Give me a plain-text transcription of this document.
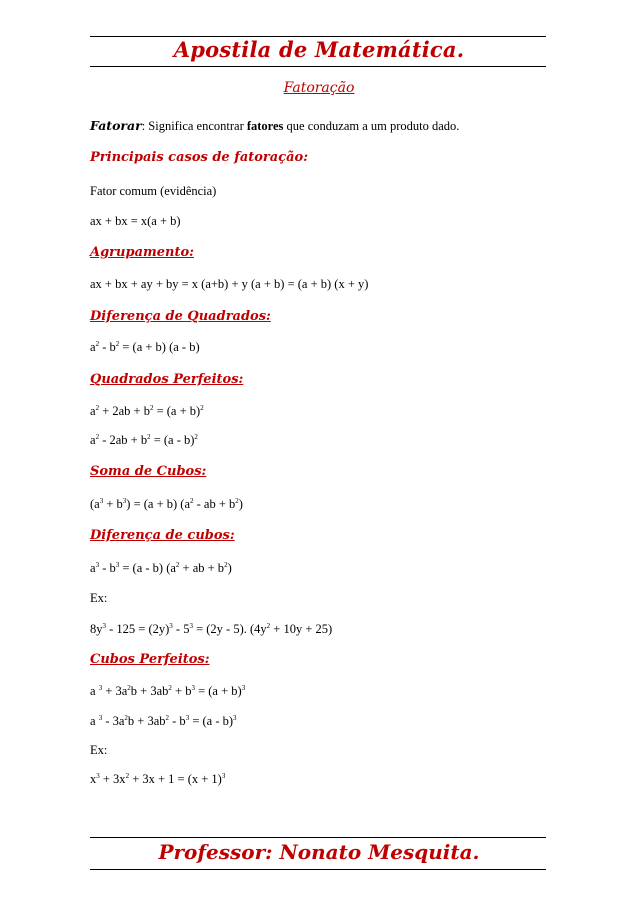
Apostila de Matemática.
Fatoração
Fatorar: Significa encontrar fatores que conduzam a um produto dado.
Principais casos de fatoração:
Fator comum (evidência)
ax + bx = x(a + b)
Agrupamento:
ax + bx + ay + by = x (a+b) + y (a + b) = (a + b) (x + y)
Diferença de Quadrados:
$a^2 - b^2 = (a + b)$ (a - b)
Quadrados Perfeitos:
$a^2 + 2ab + b^2 = (a + b)^2$
$a^2 - 2ab + b^2 = (a - b)^2$
Soma de Cubos:
$(a^3 + b^3) = (a + b)$ ($a^2$ - ab + $b^2$)
Diferença de cubos:
$a^3 - b^3 = (a - b) (a^2$ + ab + $b^2$)
Ex:
$8y^3 - 125 = (2y)^3 - 5^3 = (2y - 5)$. $(4y^2 + 10y + 25)$
Cubos Perfeitos:
a $^3 + 3a^2b + 3ab^2 + b^3 = (a + b)^3$
a $^3 - 3a^2b + 3ab^2 - b^3 = (a - b)^3$
Ex:
$x^3 + 3x^2 + 3x + 1 = (x + 1)^3$
Professor: Nonato Mesquita.
